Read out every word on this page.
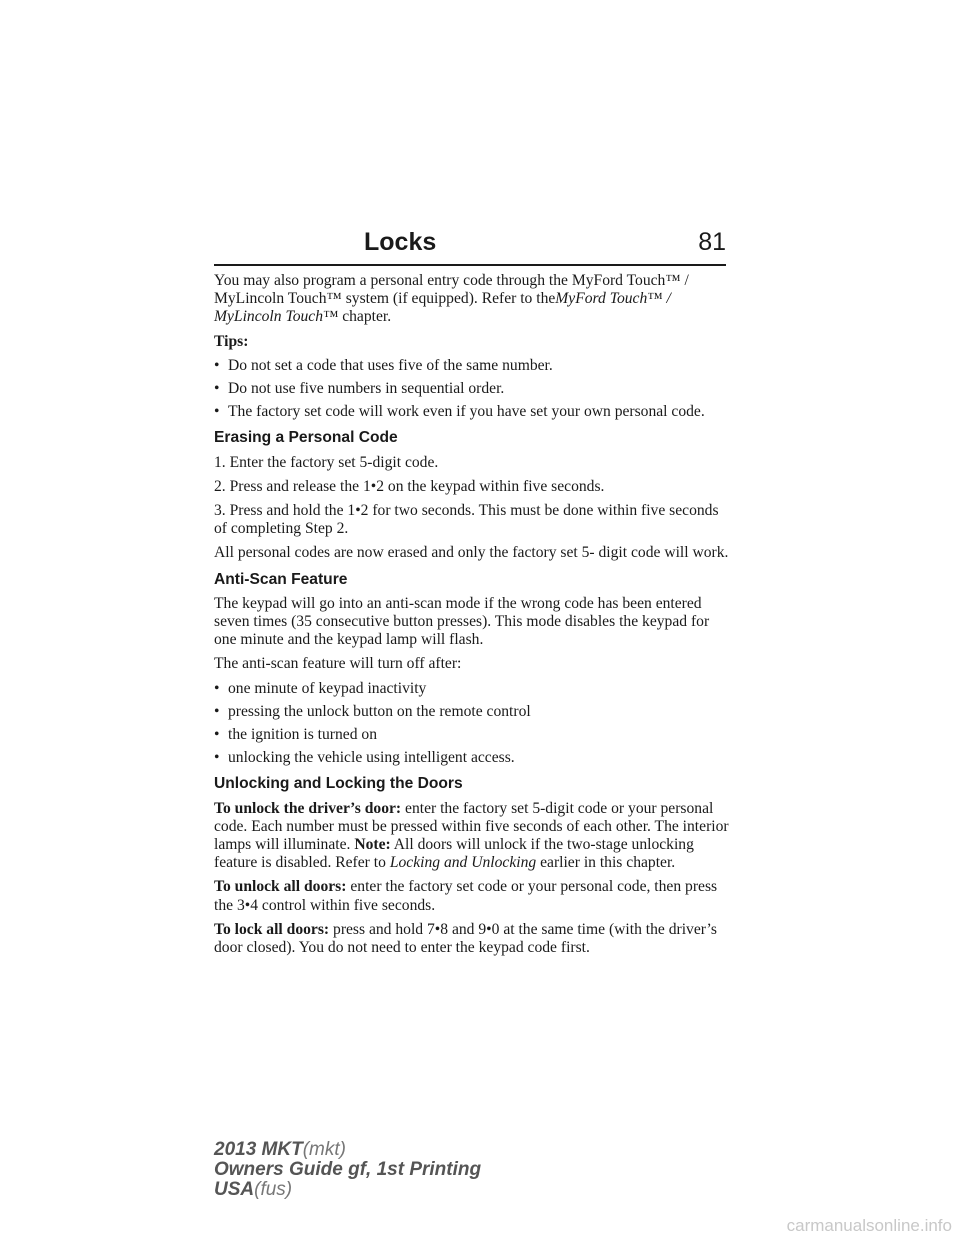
Locks	81

You may also program a personal entry code through the MyFord Touch™ / MyLincoln Touch™ system (if equipped). Refer to theMyFord Touch™ / MyLincoln Touch™ chapter.

Tips:

• Do not set a code that uses five of the same number.
• Do not use five numbers in sequential order.
• The factory set code will work even if you have set your own personal code.
Erasing a Personal Code

1. Enter the factory set 5-digit code.

2. Press and release the 1•2 on the keypad within five seconds.

3. Press and hold the 1•2 for two seconds. This must be done within five seconds of completing Step 2.

All personal codes are now erased and only the factory set 5- digit code will work.

Anti-Scan Feature

The keypad will go into an anti-scan mode if the wrong code has been entered seven times (35 consecutive button presses). This mode disables the keypad for one minute and the keypad lamp will flash.

The anti-scan feature will turn off after:

• one minute of keypad inactivity
• pressing the unlock button on the remote control
• the ignition is turned on
• unlocking the vehicle using intelligent access.
Unlocking and Locking the Doors

To unlock the driver’s door: enter the factory set 5-digit code or your personal code. Each number must be pressed within five seconds of each other. The interior lamps will illuminate. Note: All doors will unlock if the two-stage unlocking feature is disabled. Refer to Locking and Unlocking earlier in this chapter.

To unlock all doors: enter the factory set code or your personal code, then press the 3•4 control within five seconds.

To lock all doors: press and hold 7•8 and 9•0 at the same time (with the driver’s door closed). You do not need to enter the keypad code first.

2013 MKT(mkt)
Owners Guide gf, 1st Printing
USA(fus)
carmanualsonline.info
